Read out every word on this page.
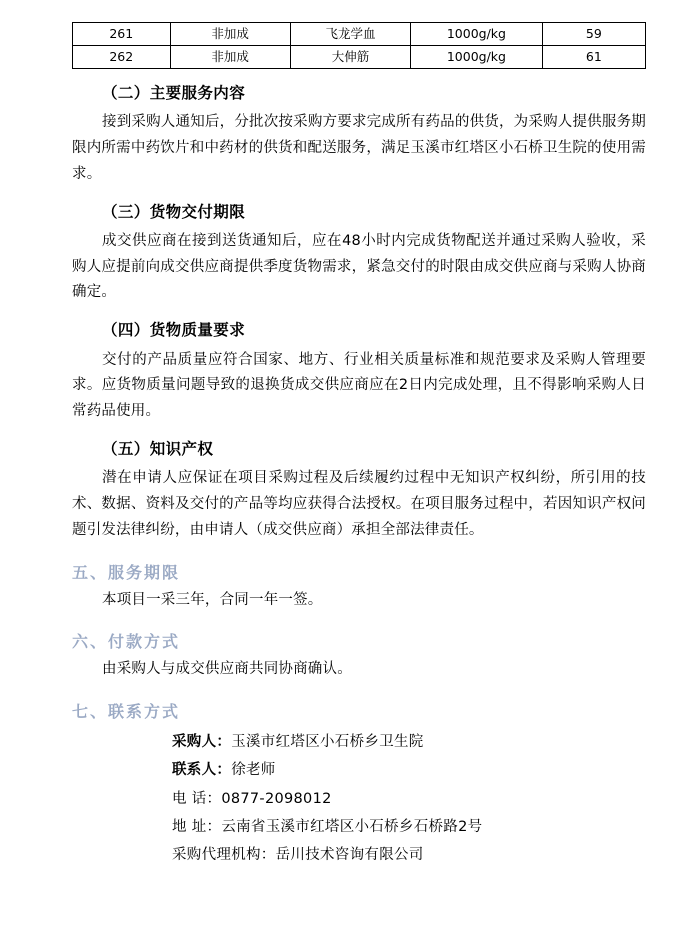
261	非加成	飞龙学血	1000g/kg	59
262	非加成	大伸筋	1000g/kg	61
（二）主要服务内容

接到采购人通知后，分批次按采购方要求完成所有药品的供货，为采购人提供服务期限内所需中药饮片和中药材的供货和配送服务，满足玉溪市红塔区小石桥卫生院的使用需求。

（三）货物交付期限

成交供应商在接到送货通知后，应在48小时内完成货物配送并通过采购人验收，采购人应提前向成交供应商提供季度货物需求，紧急交付的时限由成交供应商与采购人协商确定。

（四）货物质量要求

交付的产品质量应符合国家、地方、行业相关质量标准和规范要求及采购人管理要求。应货物质量问题导致的退换货成交供应商应在2日内完成处理，且不得影响采购人日常药品使用。

（五）知识产权

潜在申请人应保证在项目采购过程及后续履约过程中无知识产权纠纷，所引用的技术、数据、资料及交付的产品等均应获得合法授权。在项目服务过程中，若因知识产权问题引发法律纠纷，由申请人（成交供应商）承担全部法律责任。

五、服务期限

本项目一采三年，合同一年一签。

六、付款方式

由采购人与成交供应商共同协商确认。

七、联系方式
采购人：玉溪市红塔区小石桥乡卫生院
联系人：徐老师
电 话：0877-2098012
地 址：云南省玉溪市红塔区小石桥乡石桥路2号
采购代理机构：岳川技术咨询有限公司
